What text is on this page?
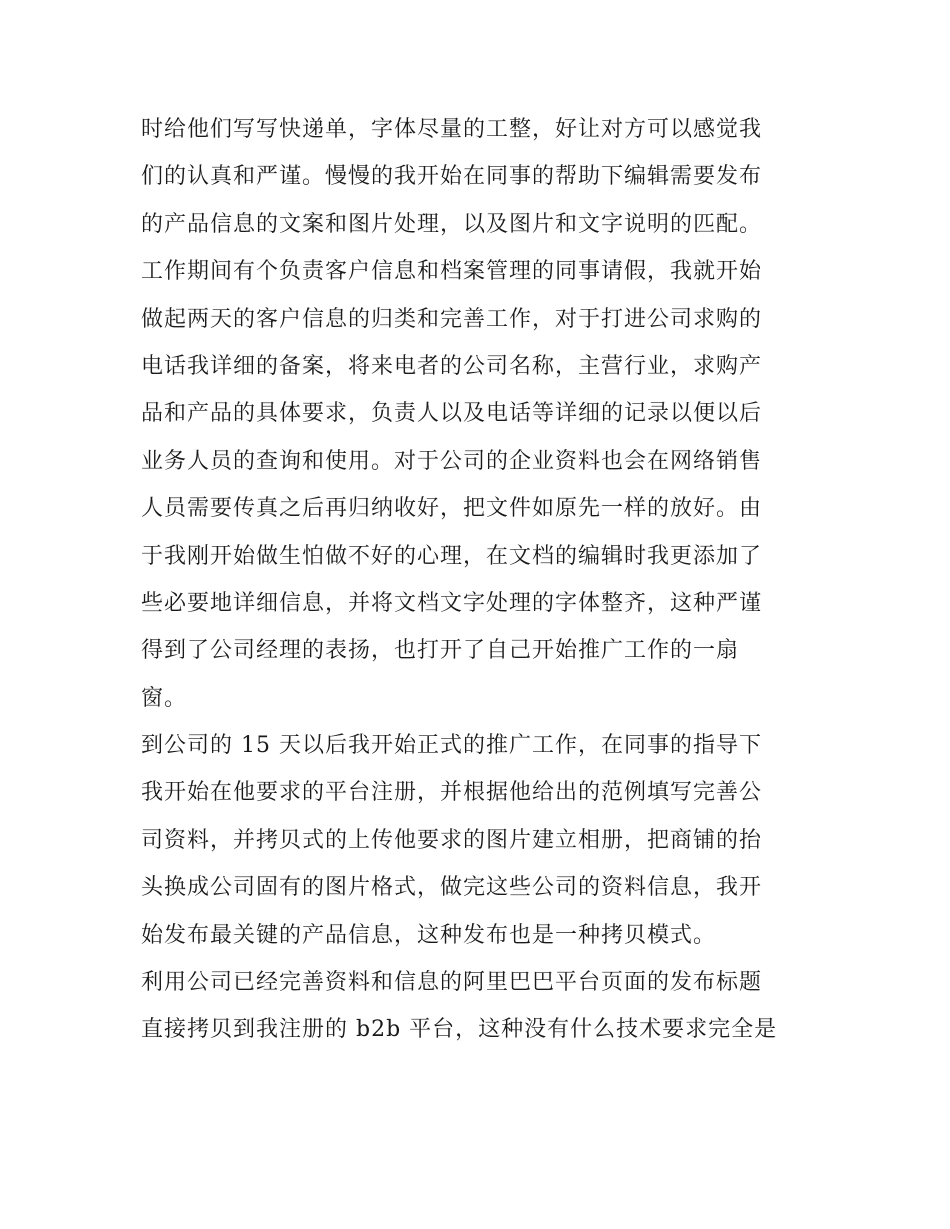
时给他们写写快递单，字体尽量的工整，好让对方可以感觉我
们的认真和严谨。慢慢的我开始在同事的帮助下编辑需要发布
的产品信息的文案和图片处理，以及图片和文字说明的匹配。
工作期间有个负责客户信息和档案管理的同事请假，我就开始
做起两天的客户信息的归类和完善工作，对于打进公司求购的
电话我详细的备案，将来电者的公司名称，主营行业，求购产
品和产品的具体要求，负责人以及电话等详细的记录以便以后
业务人员的查询和使用。对于公司的企业资料也会在网络销售
人员需要传真之后再归纳收好，把文件如原先一样的放好。由
于我刚开始做生怕做不好的心理，在文档的编辑时我更添加了
些必要地详细信息，并将文档文字处理的字体整齐，这种严谨
得到了公司经理的表扬，也打开了自己开始推广工作的一扇
窗。
到公司的 15 天以后我开始正式的推广工作，在同事的指导下
我开始在他要求的平台注册，并根据他给出的范例填写完善公
司资料，并拷贝式的上传他要求的图片建立相册，把商铺的抬
头换成公司固有的图片格式，做完这些公司的资料信息，我开
始发布最关键的产品信息，这种发布也是一种拷贝模式。
利用公司已经完善资料和信息的阿里巴巴平台页面的发布标题
直接拷贝到我注册的 b2b 平台，这种没有什么技术要求完全是
